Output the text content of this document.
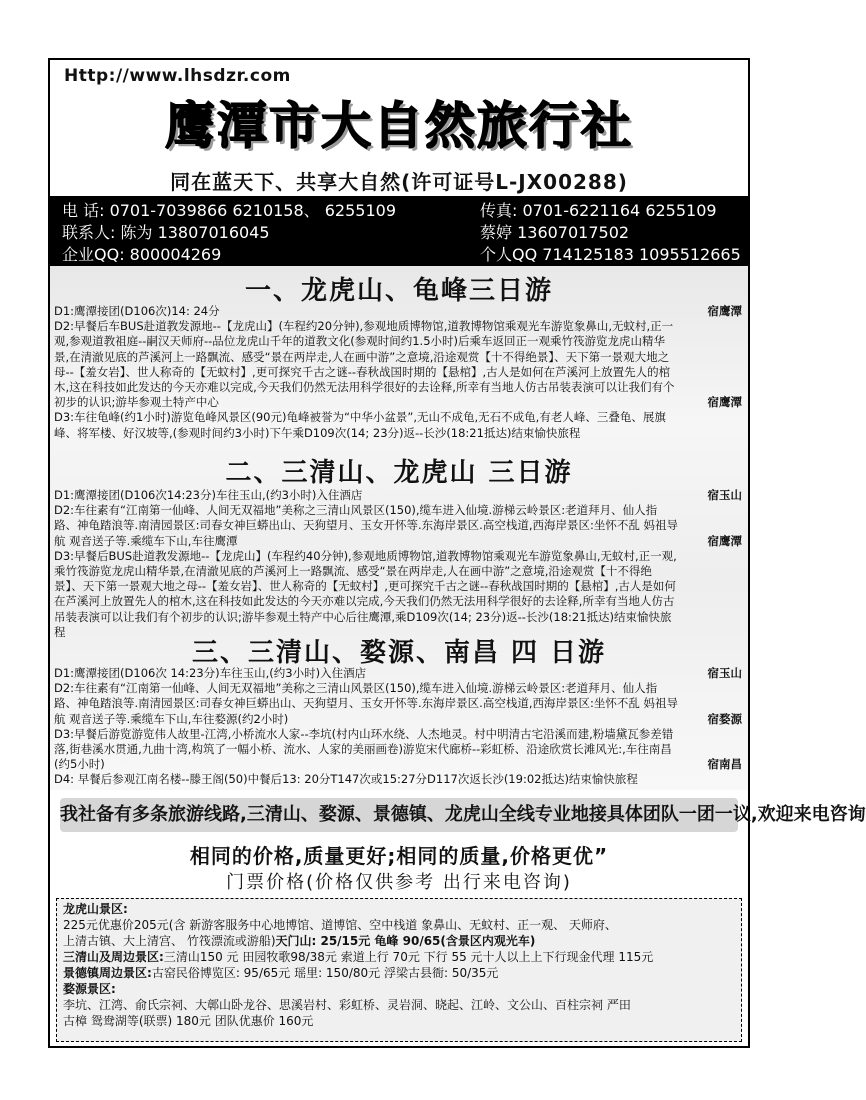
Http://www.lhsdzr.com
鹰潭市大自然旅行社
同在蓝天下、共享大自然(许可证号L-JX00288)
电 话: 0701-7039866 6210158、 6255109	传真: 0701-6221164 6255109
联系人: 陈为 13807016045	蔡婷 13607017502
企业QQ: 800004269	个人QQ 714125183 1095512665
一、龙虎山、龟峰三日游
D1:鹰潭接团(D106次)14: 24分	宿鹰潭
D2:早餐后车BUS赴道教发源地--【龙虎山】(车程约20分钟),参观地质博物馆,道教博物馆乘观光车游览象鼻山,无蚊村,正一观,参观道教祖庭--嗣汉天师府--品位龙虎山千年的道教文化(参观时间约1.5小时)后乘车返回正一观乘竹筏游览龙虎山精华景,在清澈见底的芦溪河上一路飘流、感受“景在两岸走,人在画中游”之意境,沿途观赏【十不得绝景】、天下第一景观大地之母--【羞女岩】、世人称奇的【无蚊村】,更可探究千古之谜--春秋战国时期的【悬棺】,古人是如何在芦溪河上放置先人的棺木,这在科技如此发达的今天亦难以完成,今天我们仍然无法用科学很好的去诠释,所幸有当地人仿古吊装表演可以让我们有个初步的认识;游毕参观土特产中心	宿鹰潭
D3:车往龟峰(约1小时)游览龟峰风景区(90元)龟峰被誉为“中华小盆景”,无山不成龟,无石不成龟,有老人峰、三叠龟、展旗峰、将军楼、好汉坡等,(参观时间约3小时)下午乘D109次(14; 23分)返--长沙(18:21抵达)结束愉快旅程
二、三清山、龙虎山 三日游
D1:鹰潭接团(D106次14:23分)车往玉山,(约3小时)入住酒店	宿玉山
D2:车往素有“江南第一仙峰、人间无双福地”美称之三清山风景区(150),缆车进入仙境.游梯云岭景区:老道拜月、仙人指路、神龟踏浪等.南清园景区:司春女神巨蟒出山、天狗望月、玉女开怀等.东海岸景区.高空栈道,西海岸景区:坐怀不乱 妈祖导航 观音送子等.乘缆车下山,车往鹰潭	宿鹰潭
D3:早餐后BUS赴道教发源地--【龙虎山】(车程约40分钟),参观地质博物馆,道教博物馆乘观光车游览象鼻山,无蚊村,正一观,乘竹筏游览龙虎山精华景,在清澈见底的芦溪河上一路飘流、感受“景在两岸走,人在画中游”之意境,沿途观赏【十不得绝景】、天下第一景观大地之母--【羞女岩】、世人称奇的【无蚊村】,更可探究千古之谜--春秋战国时期的【悬棺】,古人是如何在芦溪河上放置先人的棺木,这在科技如此发达的今天亦难以完成,今天我们仍然无法用科学很好的去诠释,所幸有当地人仿古吊装表演可以让我们有个初步的认识;游毕参观土特产中心后往鹰潭,乘D109次(14; 23分)返--长沙(18:21抵达)结束愉快旅程
三、三清山、婺源、南昌 四 日游
D1:鹰潭接团(D106次 14:23分)车往玉山,(约3小时)入住酒店	宿玉山
D2:车往素有“江南第一仙峰、人间无双福地”美称之三清山风景区(150),缆车进入仙境.游梯云岭景区:老道拜月、仙人指路、神龟踏浪等.南清园景区:司春女神巨蟒出山、天狗望月、玉女开怀等.东海岸景区.高空栈道,西海岸景区:坐怀不乱 妈祖导航 观音送子等.乘缆车下山,车往婺源(约2小时)	宿婺源
D3:早餐后游览游览伟人故里-江湾,小桥流水人家--李坑(村内山环水绕、人杰地灵。村中明清古宅沿溪而建,粉墙黛瓦参差错落,街巷溪水贯通,九曲十湾,构筑了一幅小桥、流水、人家的美丽画卷)游览宋代廊桥--彩虹桥、沿途欣赏长滩风光:,车往南昌(约5小时)	宿南昌
D4: 早餐后参观江南名楼--滕王阁(50)中餐后13: 20分T147次或15:27分D117次返长沙(19:02抵达)结束愉快旅程
我社备有多条旅游线路,三清山、婺源、景德镇、龙虎山全线专业地接具体团队一团一议,欢迎来电咨询
相同的价格,质量更好;相同的质量,价格更优”
门票价格(价格仅供参考 出行来电咨询)
龙虎山景区:
225元优惠价205元(含 新游客服务中心地博馆、道博馆、空中栈道 象鼻山、无蚊村、正一观、 天师府、
上清古镇、大上清宫、 竹筏漂流或游船)天门山: 25/15元 龟峰 90/65(含景区内观光车)
三清山及周边景区:三清山150 元 田园牧歌98/38元 索道上行 70元 下行 55 元十人以上上下行现金代理 115元
景德镇周边景区:古窑民俗博览区: 95/65元 瑶里: 150/80元 浮梁古县衙: 50/35元
婺源景区:
李坑、江湾、俞氏宗祠、大鄣山卧龙谷、思溪岩村、彩虹桥、灵岩洞、晓起、江岭、文公山、百柱宗祠 严田
古樟 鸳鸯湖等(联票) 180元 团队优惠价 160元
